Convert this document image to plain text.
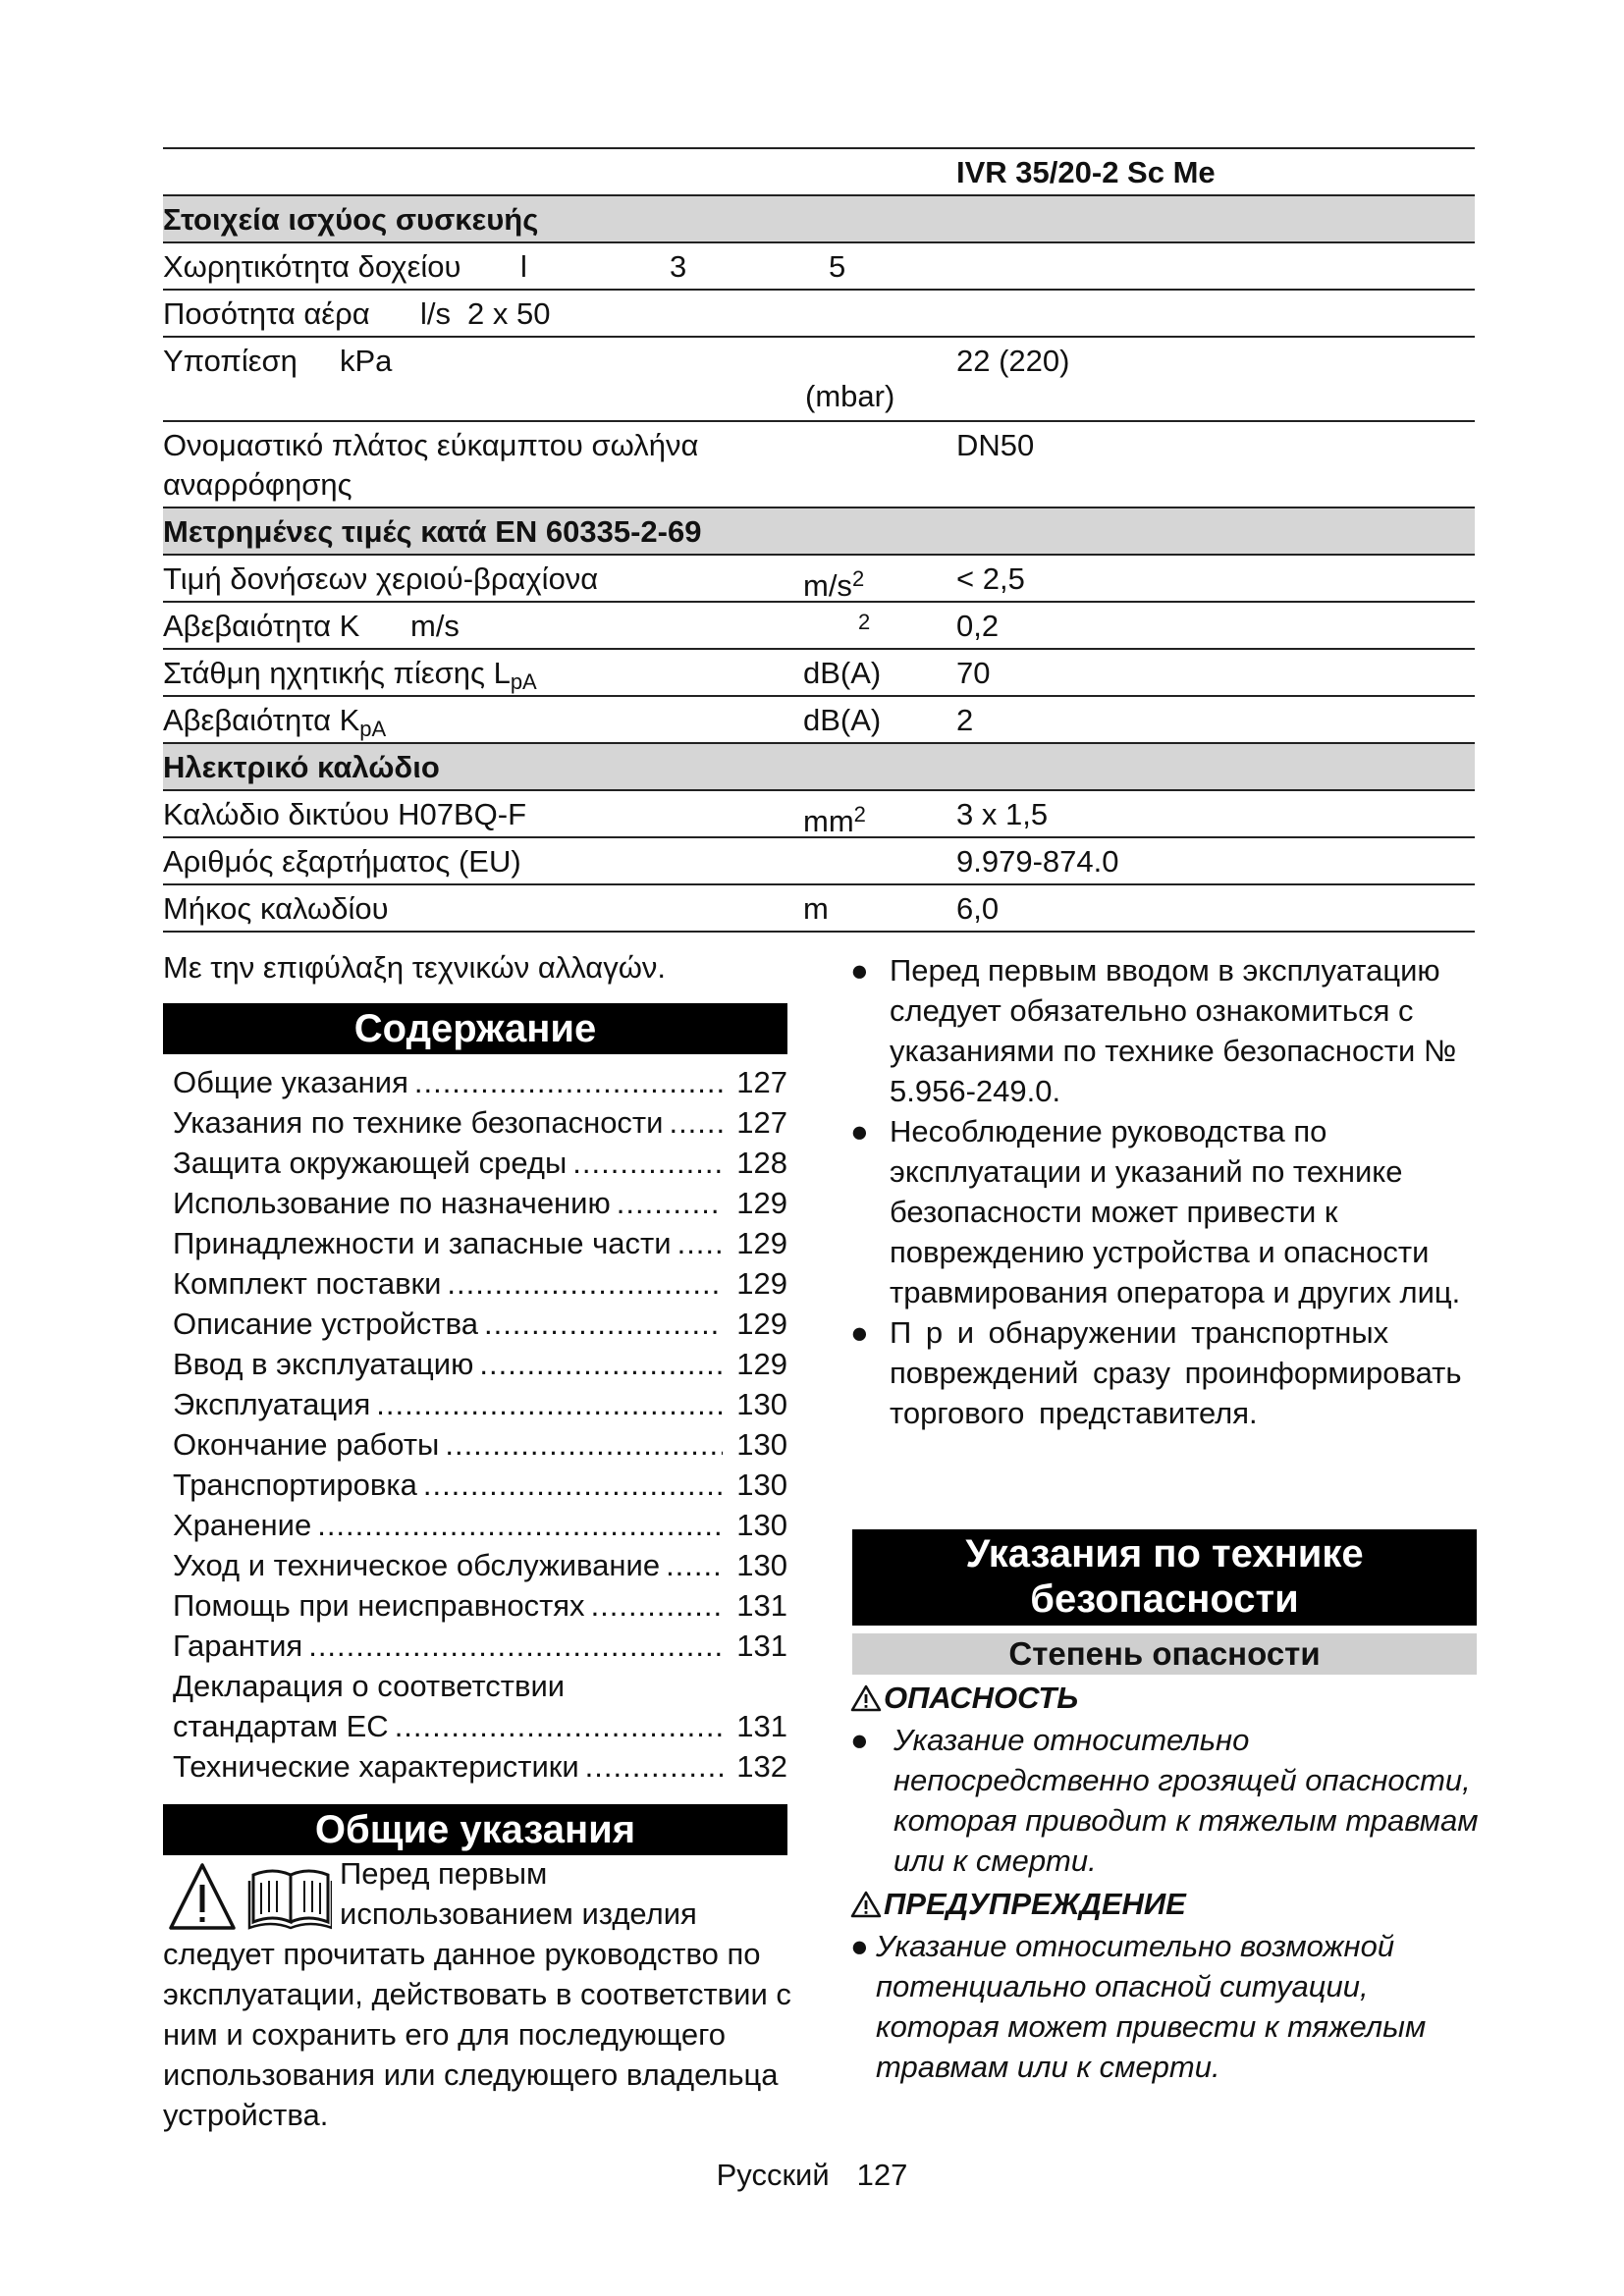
IVR 35/20-2 Sc Me
Στοιχεία ισχύος συσκευής
Χωρητικότητα δοχείου l	3	5
Ποσότητα αέρα l/s 2 x 50
Υποπίεση kPa	22 (220)
(mbar)
Ονομαστικό πλάτος εύκαμπτου σωλήνα αναρρόφησης
DN50
Μετρημένες τιμές κατά EN 60335-2-69
Τιμή δονήσεων χεριού-βραχίονα	$m/s^2$	< 2,5
Αβεβαιότητα K m/s	2	0,2
Στάθμη ηχητικής πίεσης $L_{pA}$	dB(A) 70
Αβεβαιότητα $K_{pA}$	dB(A) 2
Ηλεκτρικό καλώδιο
Καλώδιο δικτύου H07BQ-F	$mm^2$	3 x 1,5
Αριθμός εξαρτήματος (EU)	9.979-874.0
Μήκος καλωδίου	m	6,0
Με την επιφύλαξη τεχνικών αλλαγών.
Содержание
Общие указания .....	127
Указания по технике безопасности ..... 127
Защита окружающей среды .....	128
Использование по назначению .....	129
Принадлежности и запасные части ..... 129
Комплект поставки .....	129
Описание устройства .....	129
Ввод в эксплуатацию .....	129
Эксплуатация .....	130
Окончание работы .....	130
Транспортировка .....	130
Хранение .....	130
Уход и техническое обслуживание .....	130
Помощь при неисправностях .....	131
Гарантия .....	131
Декларация о соответствии
стандартам ЕС .....	131
Технические характеристики .....	132
Общие указания
Перед первым
использованием изделия
следует прочитать данное руководство по эксплуатации, действовать в соответствии с ним и сохранить его для последующего использования или следующего владельца устройства.
● Перед первым вводом в эксплуатацию следует обязательно ознакомиться с указаниями по технике безопасности № 5.956-249.0.
● Несоблюдение руководства по эксплуатации и указаний по технике безопасности может привести к повреждению устройства и опасности травмирования оператора и других лиц.
● П р и обнаружении транспортных повреждений сразу проинформировать торгового представителя.
Указания по технике
безопасности
Степень опасности
ОПАСНОСТЬ
● Указание относительно непосредственно грозящей опасности, которая приводит к тяжелым травмам или к смерти.
ПРЕДУПРЕЖДЕНИЕ
● Указание относительно возможной потенциально опасной ситуации, которая может привести к тяжелым травмам или к смерти.
Русский 127
